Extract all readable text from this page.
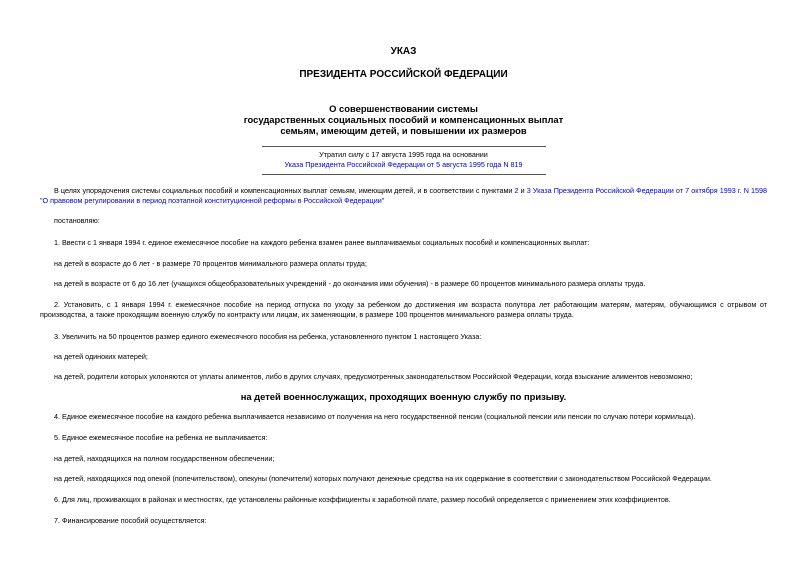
УКАЗ
ПРЕЗИДЕНТА РОССИЙСКОЙ ФЕДЕРАЦИИ
О совершенствовании системы
государственных социальных пособий и компенсационных выплат
семьям, имеющим детей, и повышении их размеров
Утратил силу с 17 августа 1995 года на основании
Указа Президента Российской Федерации от 5 августа 1995 года N 819
В целях упорядочения системы социальных пособий и компенсационных выплат семьям, имеющим детей, и в соответствии с пунктами 2 и 3 Указа Президента Российской Федерации от 7 октября 1993 г. N 1598 "О правовом регулировании в период поэтапной конституционной реформы в Российской Федерации"
постановляю:
1. Ввести с 1 января 1994 г. единое ежемесячное пособие на каждого ребенка взамен ранее выплачиваемых социальных пособий и компенсационных выплат:
на детей в возрасте до 6 лет - в размере 70 процентов минимального размера оплаты труда;
на детей в возрасте от 6 до 16 лет (учащихся общеобразовательных учреждений - до окончания ими обучения) - в размере 60 процентов минимального размера оплаты труда.
2. Установить, с 1 января 1994 г. ежемесячное пособие на период отпуска по уходу за ребенком до достижения им возраста полутора лет работающим матерям, матерям, обучающимся с отрывом от производства, а также проходящим военную службу по контракту или лицам, их заменяющим, в размере 100 процентов минимального размера оплаты труда.
3. Увеличить на 50 процентов размер единого ежемесячного пособия на ребенка, установленного пунктом 1 настоящего Указа:
на детей одиноких матерей;
на детей, родители которых уклоняются от уплаты алиментов, либо в других случаях, предусмотренных законодательством Российской Федерации, когда взыскание алиментов невозможно;
на детей военнослужащих, проходящих военную службу по призыву.
4. Единое ежемесячное пособие на каждого ребенка выплачивается независимо от получения на него государственной пенсии (социальной пенсии или пенсии по случаю потери кормильца).
5. Единое ежемесячное пособие на ребенка не выплачивается:
на детей, находящихся на полном государственном обеспечении;
на детей, находящихся под опекой (попечительством), опекуны (попечители) которых получают денежные средства на их содержание в соответствии с законодательством Российской Федерации.
6. Для лиц, проживающих в районах и местностях, где установлены районные коэффициенты к заработной плате, размер пособий определяется с применением этих коэффициентов.
7. Финансирование пособий осуществляется:
